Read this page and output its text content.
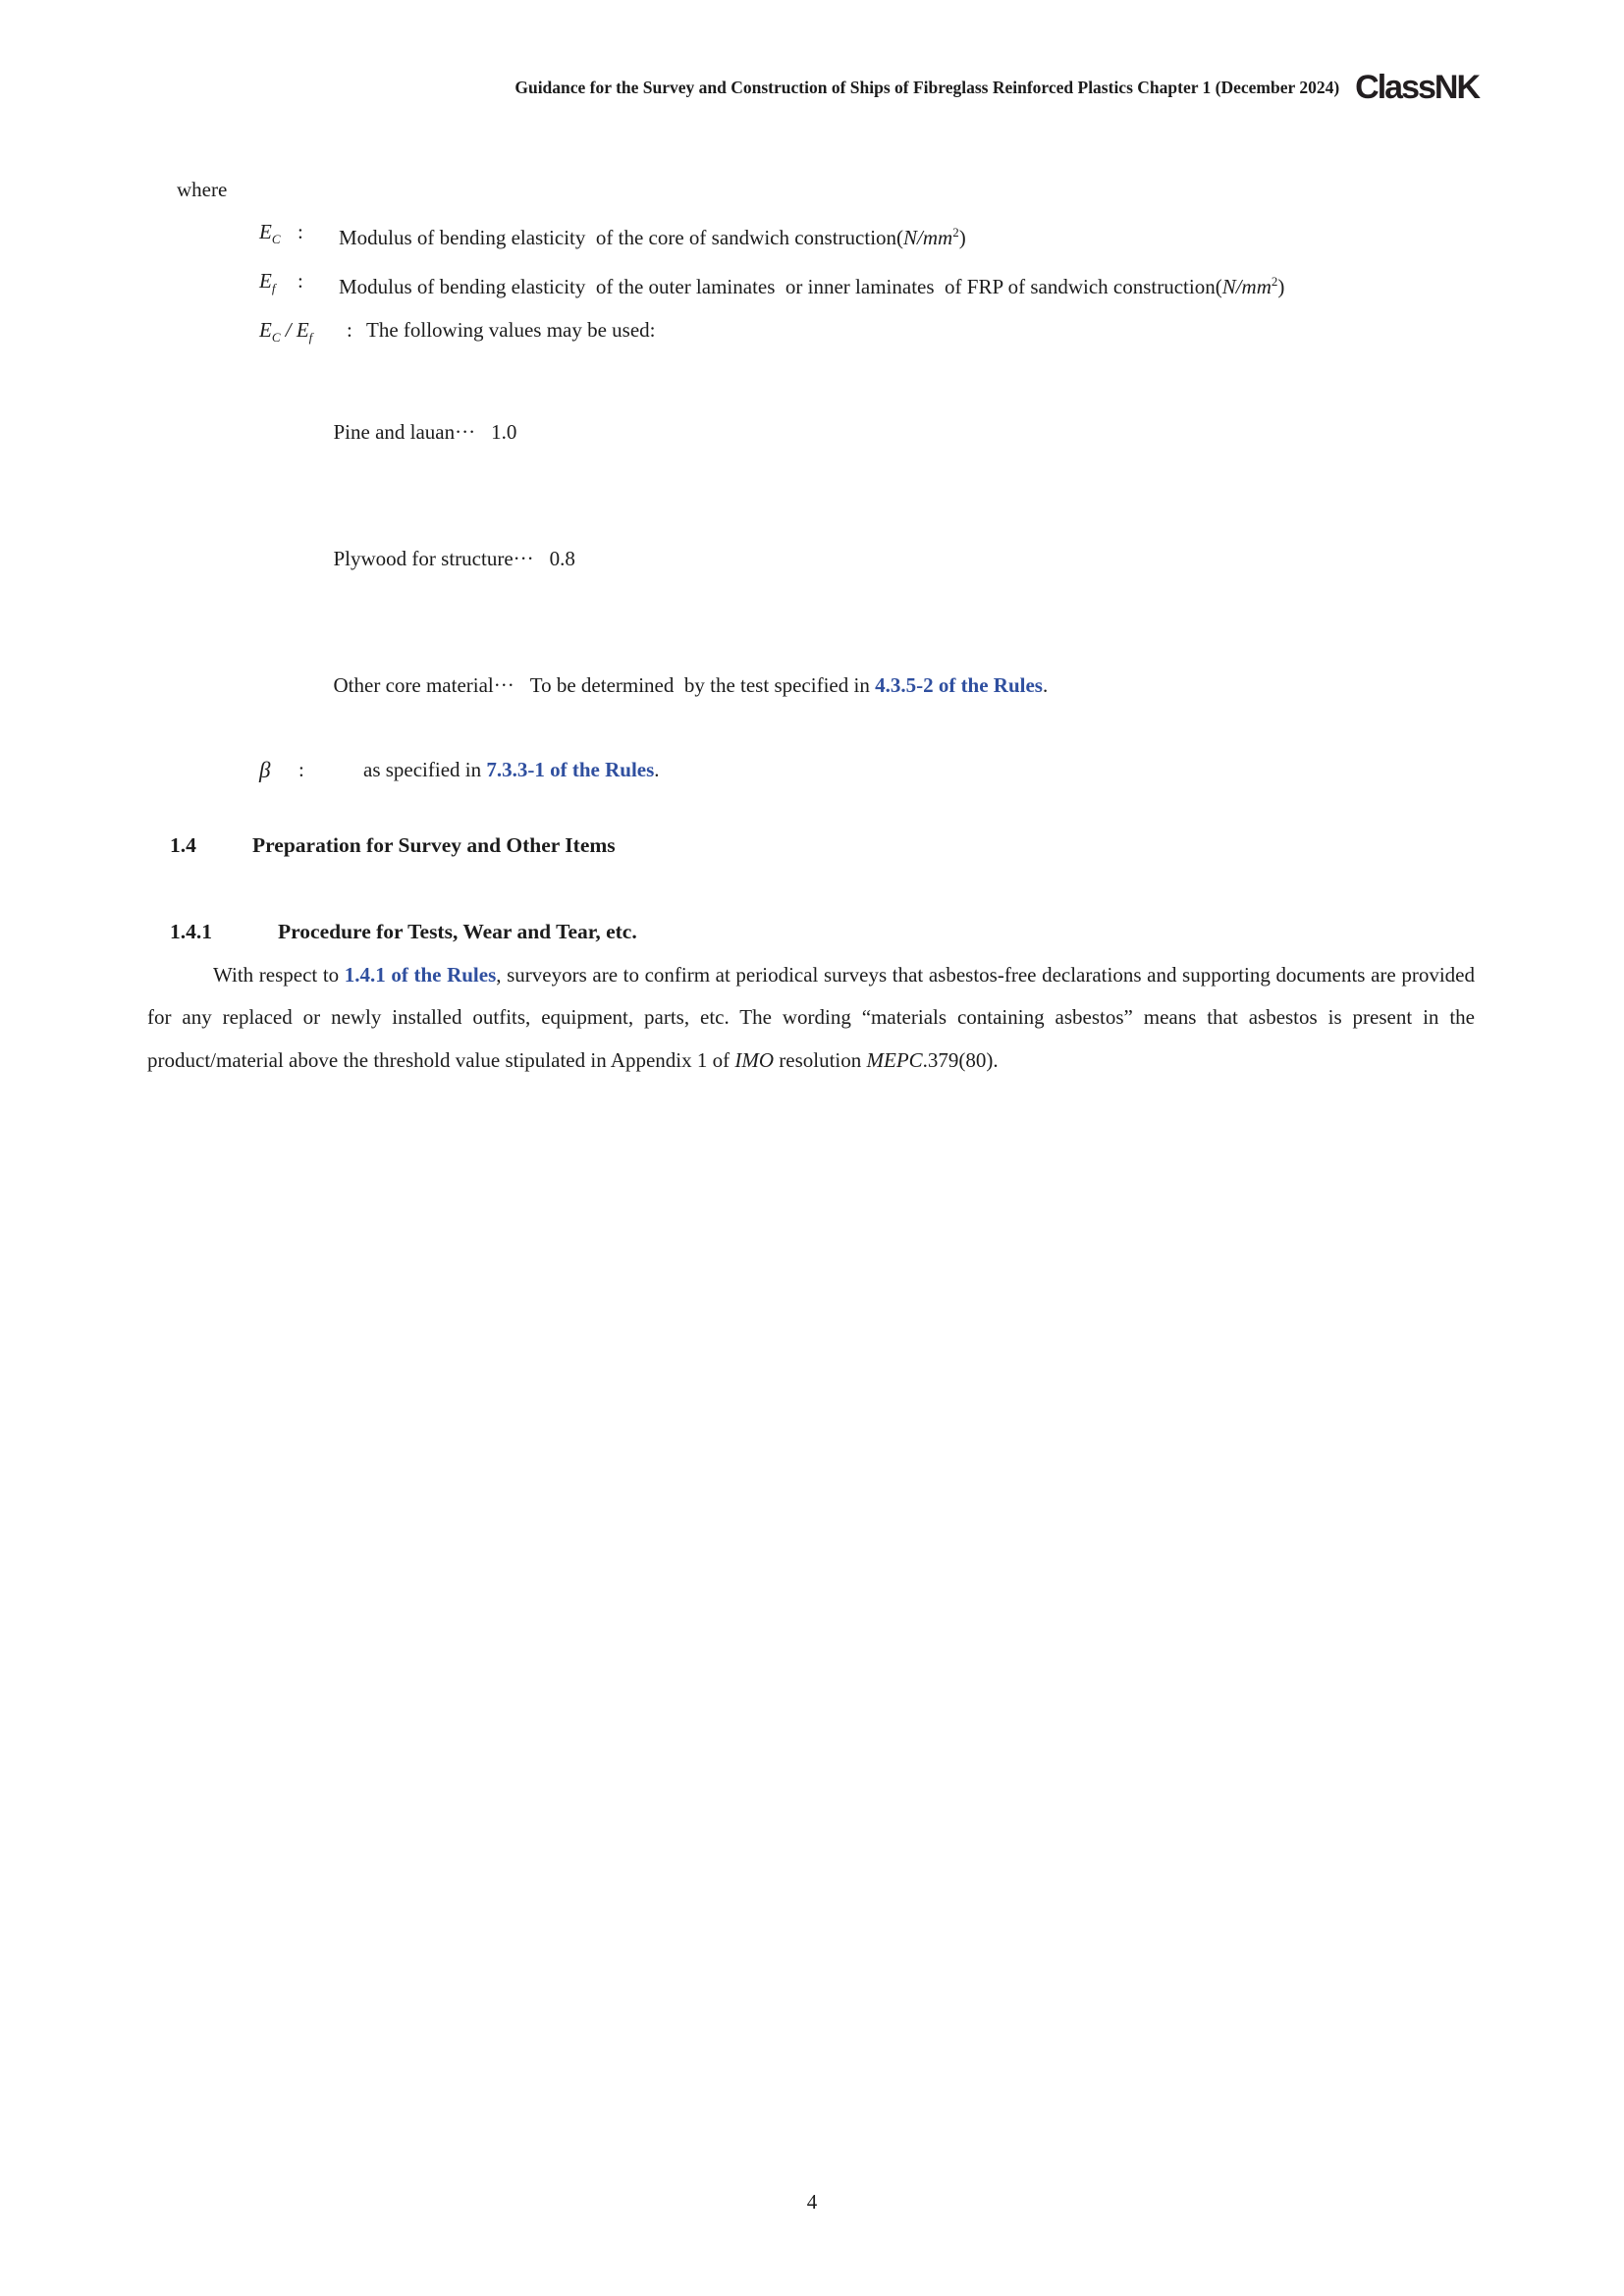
Guidance for the Survey and Construction of Ships of Fibreglass Reinforced Plastics Chapter 1 (December 2024) ClassNK
where
$E_C$ :	Modulus of bending elasticity  of the core of sandwich $construction(N/mm^2)$
$E_f$	:	Modulus of bending elasticity  of the outer laminates  or inner laminates  of FRP of sandwich $construction(N/mm^2)$
$E_C / E_f$	: The following values may be used:

Pine and lauan··· 1.0

Plywood for structure··· 0.8

Other core material··· To be determined  by the test specified in 4.3.5-2 of the Rules.

β	:	as specified in 7.3.3-1 of the Rules.
1.4	Preparation for Survey and Other Items
1.4.1	Procedure for Tests, Wear and Tear, etc.
With respect to 1.4.1 of the Rules, surveyors are to confirm at periodical surveys that asbestos-free declarations and supporting documents are provided for any replaced or newly installed outfits, equipment, parts, etc. The wording “materials containing asbestos” means that asbestos is present in the product/material above the threshold value stipulated in Appendix 1 of IMO resolution MEPC.379(80).
4
